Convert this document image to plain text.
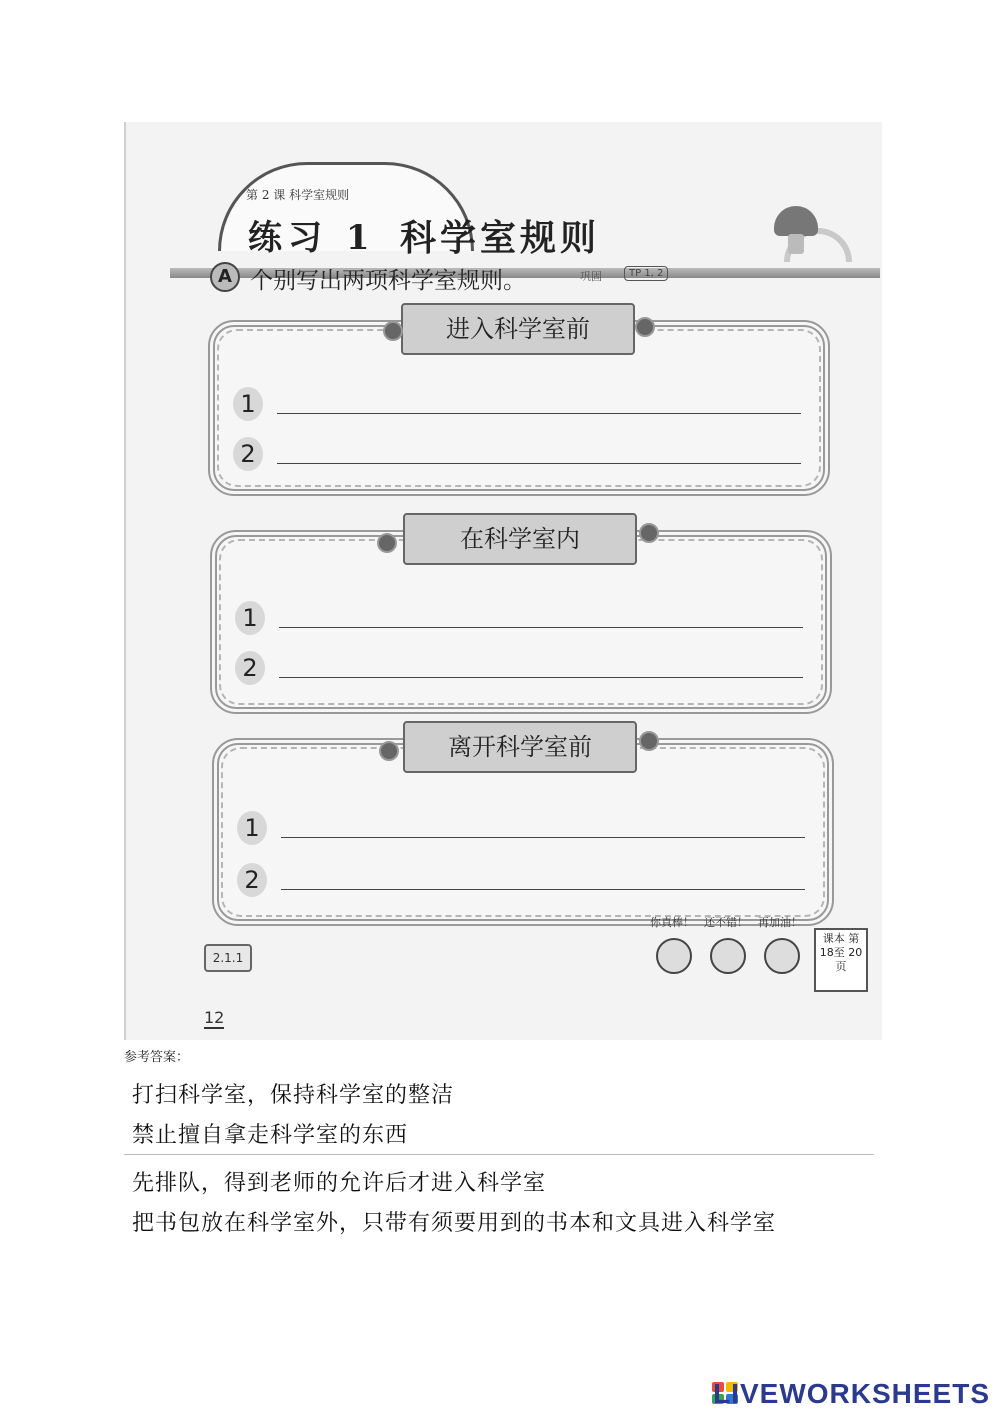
第 2 课 科学室规则
练习 1 科学室规则
A 个别写出两项科学室规则。	巩固	TP 1, 2
进入科学室前
1
2
在科学室内
1
2
离开科学室前
1
2
2.1.1
12
你真棒！ 还不错！ 再加油！
课本 第18至 20页
参考答案：
打扫科学室，保持科学室的整洁
禁止擅自拿走科学室的东西
先排队，得到老师的允许后才进入科学室
把书包放在科学室外，只带有须要用到的书本和文具进入科学室
LIVEWORKSHEETS
